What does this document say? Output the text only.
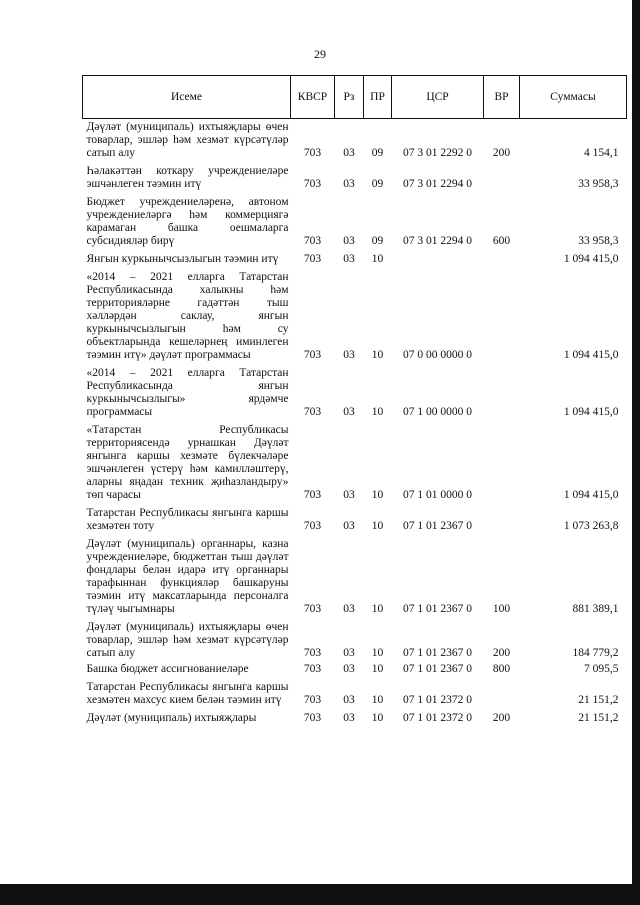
29
Исеме	КВСР	Рз	ПР	ЦСР	ВР	Суммасы
Дәүләт (муниципаль) ихтыяҗлары өчен товарлар, эшләр һәм хезмәт күрсәтүләр сатып алу	703	03	09	07 3 01 2292 0	200	4 154,1
Һәлакәттән коткару учреждениеләре эшчәнлеген тәэмин итү	703	03	09	07 3 01 2294 0		33 958,3
Бюджет учреждениеләренә, автоном учреждениеләргә һәм коммерциягә карамаган башка оешмаларга субсидияләр бирү	703	03	09	07 3 01 2294 0	600	33 958,3
Янгын куркынычсызлыгын тәэмин итү	703	03	10			1 094 415,0
«2014 – 2021 елларга Татарстан Республикасында халыкны һәм территорияләрне гадәттән тыш хәлләрдән саклау, янгын куркынычсызлыгын һәм су объектларында кешеләрнең иминлеген тәэмин итү» дәүләт программасы	703	03	10	07 0 00 0000 0		1 094 415,0
«2014 – 2021 елларга Татарстан Республикасында янгын куркынычсызлыгы» ярдәмче программасы	703	03	10	07 1 00 0000 0		1 094 415,0
«Татарстан Республикасы территориясендә урнашкан Дәүләт янгынга каршы хезмәте бүлекчәләре эшчәнлеген үстерү һәм камилләштерү, аларны яңадан техник җиһазландыру» төп чарасы	703	03	10	07 1 01 0000 0		1 094 415,0
Татарстан Республикасы янгынга каршы хезмәтен тоту	703	03	10	07 1 01 2367 0		1 073 263,8
Дәүләт (муниципаль) органнары, казна учреждениеләре, бюджеттан тыш дәүләт фондлары белән идарә итү органнары тарафыннан функцияләр башкаруны тәэмин итү максатларында персоналга түләү чыгымнары	703	03	10	07 1 01 2367 0	100	881 389,1
Дәүләт (муниципаль) ихтыяҗлары өчен товарлар, эшләр һәм хезмәт күрсәтүләр сатып алу	703	03	10	07 1 01 2367 0	200	184 779,2
Башка бюджет ассигнованиеләре	703	03	10	07 1 01 2367 0	800	7 095,5
Татарстан Республикасы янгынга каршы хезмәтен махсус кием белән тәэмин итү	703	03	10	07 1 01 2372 0		21 151,2
Дәүләт (муниципаль) ихтыяҗлары	703	03	10	07 1 01 2372 0	200	21 151,2
